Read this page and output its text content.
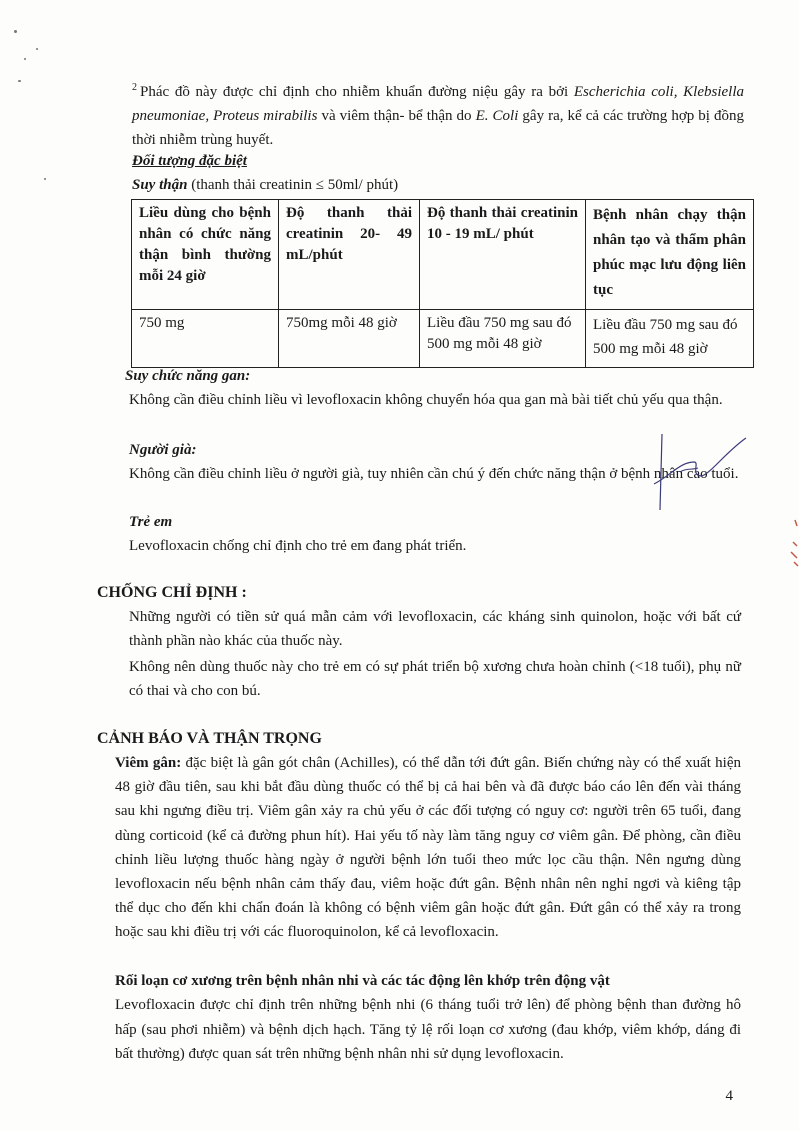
$^2$ Phác đồ này được chỉ định cho nhiễm khuẩn đường niệu gây ra bởi Escherichia coli, Klebsiella pneumoniae, Proteus mirabilis và viêm thận- bể thận do E. Coli gây ra, kể cả các trường hợp bị đồng thời nhiễm trùng huyết.

Đối tượng đặc biệt
Suy thận (thanh thải creatinin ≤ 50ml/ phút)
Liều dùng cho bệnh nhân có chức năng thận bình thường mỗi 24 giờ	Độ thanh thải creatinin 20- 49 mL/phút	Độ thanh thải creatinin 10 - 19 mL/ phút	Bệnh nhân chạy thận nhân tạo và thẩm phân phúc mạc lưu động liên tục
750 mg	750mg mỗi 48 giờ	Liều đầu 750 mg sau đó 500 mg mỗi 48 giờ	Liều đầu 750 mg sau đó 500 mg mỗi 48 giờ
Suy chức năng gan:

Không cần điều chỉnh liều vì levofloxacin không chuyển hóa qua gan mà bài tiết chủ yếu qua thận.

Người già:

Không cần điều chỉnh liều ở người già, tuy nhiên cần chú ý đến chức năng thận ở bệnh nhân cao tuổi.

Trẻ em

Levofloxacin chống chỉ định cho trẻ em đang phát triển.

CHỐNG CHỈ ĐỊNH :

Những người có tiền sử quá mẫn cảm với levofloxacin, các kháng sinh quinolon, hoặc với bất cứ thành phần nào khác của thuốc này.

Không nên dùng thuốc này cho trẻ em có sự phát triển bộ xương chưa hoàn chỉnh (<18 tuổi), phụ nữ có thai và cho con bú.

CẢNH BÁO VÀ THẬN TRỌNG

Viêm gân: đặc biệt là gân gót chân (Achilles), có thể dẫn tới đứt gân. Biến chứng này có thể xuất hiện 48 giờ đầu tiên, sau khi bắt đầu dùng thuốc có thể bị cả hai bên và đã được báo cáo lên đến vài tháng sau khi ngưng điều trị. Viêm gân xảy ra chủ yếu ở các đối tượng có nguy cơ: người trên 65 tuổi, đang dùng corticoid (kể cả đường phun hít). Hai yếu tố này làm tăng nguy cơ viêm gân. Để phòng, cần điều chỉnh liều lượng thuốc hàng ngày ở người bệnh lớn tuổi theo mức lọc cầu thận. Nên ngưng dùng levofloxacin nếu bệnh nhân cảm thấy đau, viêm hoặc đứt gân. Bệnh nhân nên nghỉ ngơi và kiêng tập thể dục cho đến khi chẩn đoán là không có bệnh viêm gân hoặc đứt gân. Đứt gân có thể xảy ra trong hoặc sau khi điều trị với các fluoroquinolon, kể cả levofloxacin.

Rối loạn cơ xương trên bệnh nhân nhi và các tác động lên khớp trên động vật

Levofloxacin được chỉ định trên những bệnh nhi (6 tháng tuổi trở lên) để phòng bệnh than đường hô hấp (sau phơi nhiễm) và bệnh dịch hạch. Tăng tỷ lệ rối loạn cơ xương (đau khớp, viêm khớp, dáng đi bất thường) được quan sát trên những bệnh nhân nhi sử dụng levofloxacin.

4
